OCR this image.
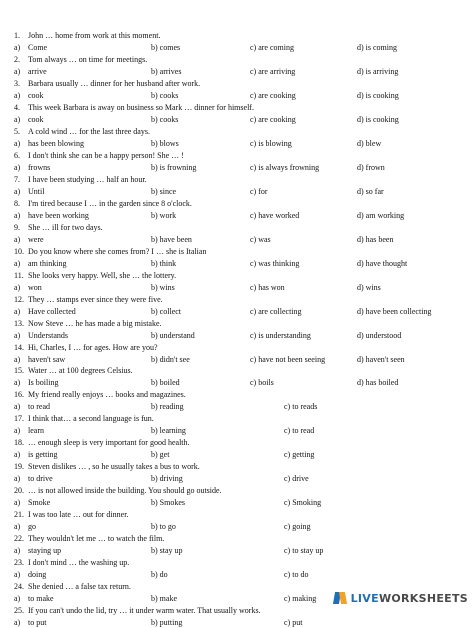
1. John … home from work at this moment.
a) Come	b) comes	c) are coming	d) is coming
2. Tom always … on time for meetings.
a) arrive	b) arrives	c) are arriving	d) is arriving
3. Barbara usually … dinner for her husband after work.
a) cook	b) cooks	c) are cooking	d) is cooking
4. This week Barbara is away on business so Mark … dinner for himself.
a) cook	b) cooks	c) are cooking	d) is cooking
5. A cold wind … for the last three days.
a) has been blowing	b) blows	c) is blowing	d) blew
6. I don't think she can be a happy person! She … !
a) frowns	b) is frowning	c) is always frowning	d) frown
7. I have been studying … half an hour.
a) Until	b) since	c) for	d) so far
8. I'm tired because I … in the garden since 8 o'clock.
a) have been working	b) work	c) have worked	d) am working
9. She … ill for two days.
a) were	b) have been	c) was	d) has been
10. Do you know where she comes from? I … she is Italian
a) am thinking	b) think	c) was thinking	d) have thought
11. She looks very happy. Well, she … the lottery.
a) won	b) wins	c) has won	d) wins
12. They … stamps ever since they were five.
a) Have collected	b) collect	c) are collecting	d) have been collecting
13. Now Steve … he has made a big mistake.
a) Understands	b) understand	c) is understanding	d) understood
14. Hi, Charles, I … for ages. How are you?
a) haven't saw	b) didn't see	c) have not been seeing	d) haven't seen
15. Water … at 100 degrees Celsius.
a) Is boiling	b) boiled	c) boils	d) has boiled
16. My friend really enjoys … books and magazines.
a) to read	b) reading	c) to reads
17. I think that… a second language is fun.
a) learn	b) learning	c) to read
18. … enough sleep is very important for good health.
a) is getting	b) get	c) getting
19. Steven dislikes … , so he usually takes a bus to work.
a) to drive	b) driving	c) drive
20. … is not allowed inside the building. You should go outside.
a) Smoke	b) Smokes	c) Smoking
21. I was too late … out for dinner.
a) go	b) to go	c) going
22. They wouldn't let me … to watch the film.
a) staying up	b) stay up	c) to stay up
23. I don't mind … the washing up.
a) doing	b) do	c) to do
24. She denied … a false tax return.
a) to make	b) make	c) making
25. If you can't undo the lid, try … it under warm water. That usually works.
a) to put	b) putting	c) put
LIVEWORKSHEETS
